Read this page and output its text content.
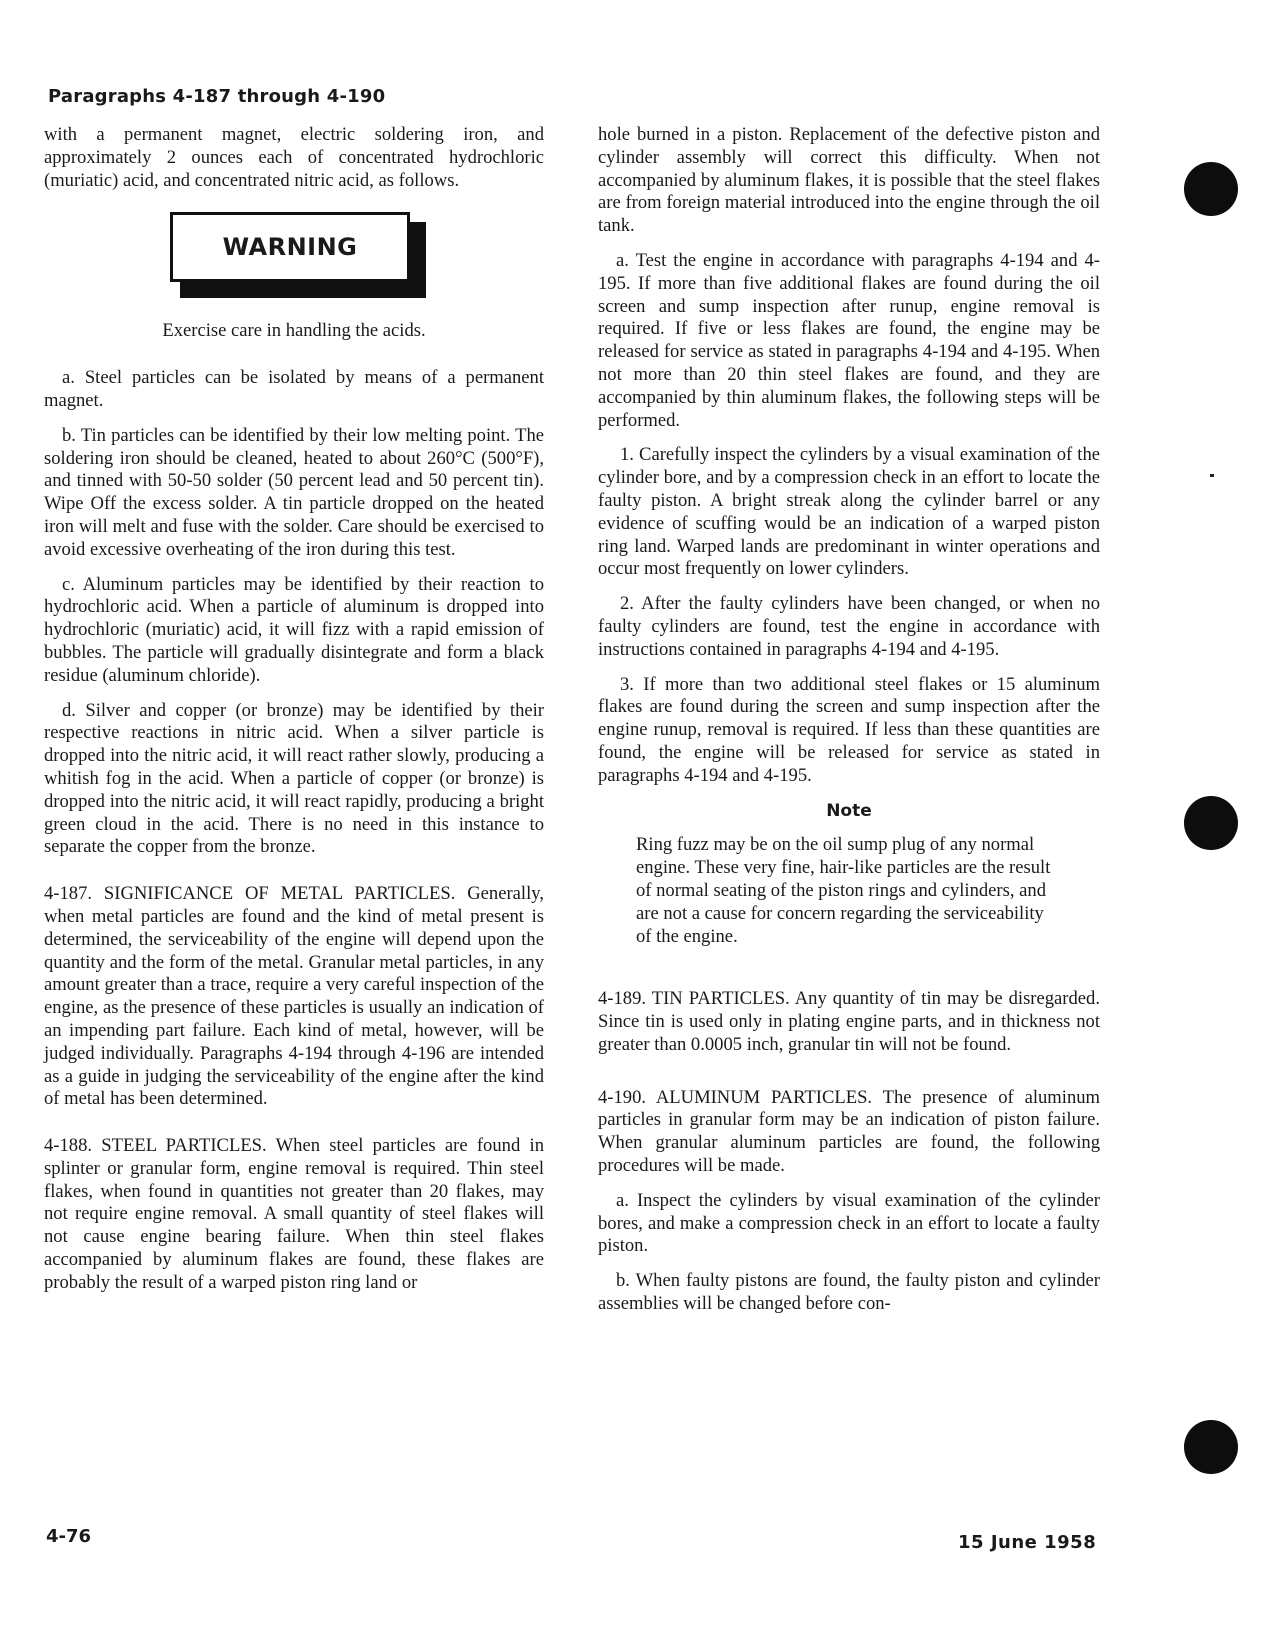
Paragraphs 4-187 through 4-190

with a permanent magnet, electric soldering iron, and approximately 2 ounces each of concentrated hydrochloric (muriatic) acid, and concentrated nitric acid, as follows.

WARNING

Exercise care in handling the acids.

a. Steel particles can be isolated by means of a permanent magnet.

b. Tin particles can be identified by their low melting point. The soldering iron should be cleaned, heated to about 260°C (500°F), and tinned with 50-50 solder (50 percent lead and 50 percent tin). Wipe Off the excess solder. A tin particle dropped on the heated iron will melt and fuse with the solder. Care should be exercised to avoid excessive overheating of the iron during this test.

c. Aluminum particles may be identified by their reaction to hydrochloric acid. When a particle of aluminum is dropped into hydrochloric (muriatic) acid, it will fizz with a rapid emission of bubbles. The particle will gradually disintegrate and form a black residue (aluminum chloride).

d. Silver and copper (or bronze) may be identified by their respective reactions in nitric acid. When a silver particle is dropped into the nitric acid, it will react rather slowly, producing a whitish fog in the acid. When a particle of copper (or bronze) is dropped into the nitric acid, it will react rapidly, producing a bright green cloud in the acid. There is no need in this instance to separate the copper from the bronze.

4-187. SIGNIFICANCE OF METAL PARTICLES. Generally, when metal particles are found and the kind of metal present is determined, the serviceability of the engine will depend upon the quantity and the form of the metal. Granular metal particles, in any amount greater than a trace, require a very careful inspection of the engine, as the presence of these particles is usually an indication of an impending part failure. Each kind of metal, however, will be judged individually. Paragraphs 4-194 through 4-196 are intended as a guide in judging the serviceability of the engine after the kind of metal has been determined.

4-188. STEEL PARTICLES. When steel particles are found in splinter or granular form, engine removal is required. Thin steel flakes, when found in quantities not greater than 20 flakes, may not require engine removal. A small quantity of steel flakes will not cause engine bearing failure. When thin steel flakes accompanied by aluminum flakes are found, these flakes are probably the result of a warped piston ring land or

hole burned in a piston. Replacement of the defective piston and cylinder assembly will correct this difficulty. When not accompanied by aluminum flakes, it is possible that the steel flakes are from foreign material introduced into the engine through the oil tank.

a. Test the engine in accordance with paragraphs 4-194 and 4-195. If more than five additional flakes are found during the oil screen and sump inspection after runup, engine removal is required. If five or less flakes are found, the engine may be released for service as stated in paragraphs 4-194 and 4-195. When not more than 20 thin steel flakes are found, and they are accompanied by thin aluminum flakes, the following steps will be performed.

1. Carefully inspect the cylinders by a visual examination of the cylinder bore, and by a compression check in an effort to locate the faulty piston. A bright streak along the cylinder barrel or any evidence of scuffing would be an indication of a warped piston ring land. Warped lands are predominant in winter operations and occur most frequently on lower cylinders.

2. After the faulty cylinders have been changed, or when no faulty cylinders are found, test the engine in accordance with instructions contained in paragraphs 4-194 and 4-195.

3. If more than two additional steel flakes or 15 aluminum flakes are found during the screen and sump inspection after the engine runup, removal is required. If less than these quantities are found, the engine will be released for service as stated in paragraphs 4-194 and 4-195.

Note

Ring fuzz may be on the oil sump plug of any normal engine. These very fine, hair-like particles are the result of normal seating of the piston rings and cylinders, and are not a cause for concern regarding the serviceability of the engine.

4-189. TIN PARTICLES. Any quantity of tin may be disregarded. Since tin is used only in plating engine parts, and in thickness not greater than 0.0005 inch, granular tin will not be found.

4-190. ALUMINUM PARTICLES. The presence of aluminum particles in granular form may be an indication of piston failure. When granular aluminum particles are found, the following procedures will be made.

a. Inspect the cylinders by visual examination of the cylinder bores, and make a compression check in an effort to locate a faulty piston.

b. When faulty pistons are found, the faulty piston and cylinder assemblies will be changed before con-

4-76	15 June 1958
